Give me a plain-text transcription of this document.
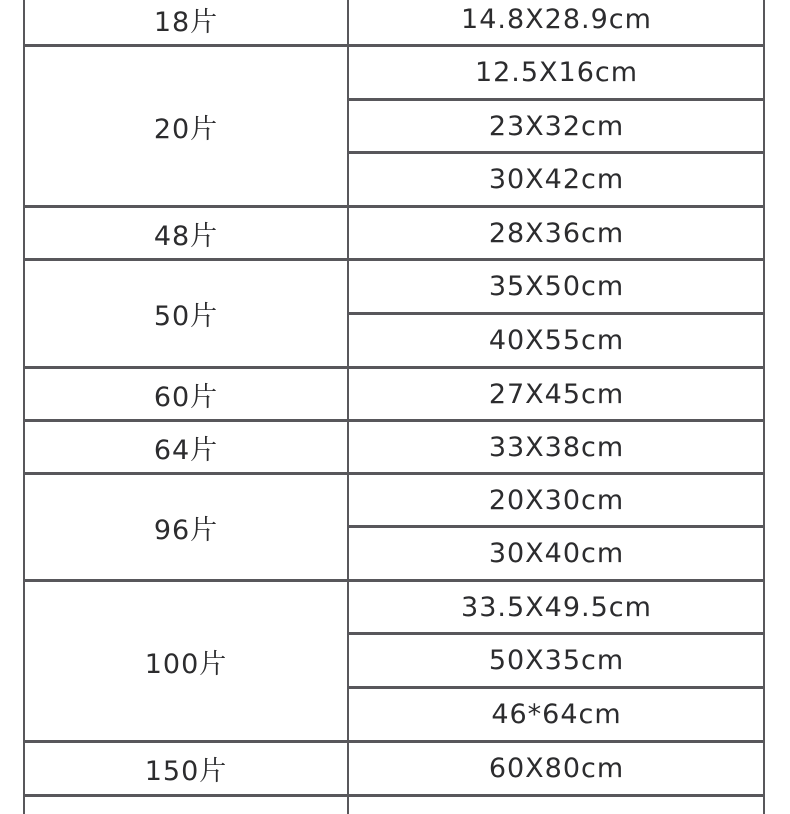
18片
20片
48片
50片
60片
64片
96片
100片
150片
14.8X28.9cm
12.5X16cm
23X32cm
30X42cm
28X36cm
35X50cm
40X55cm
27X45cm
33X38cm
20X30cm
30X40cm
33.5X49.5cm
50X35cm
46*64cm
60X80cm
